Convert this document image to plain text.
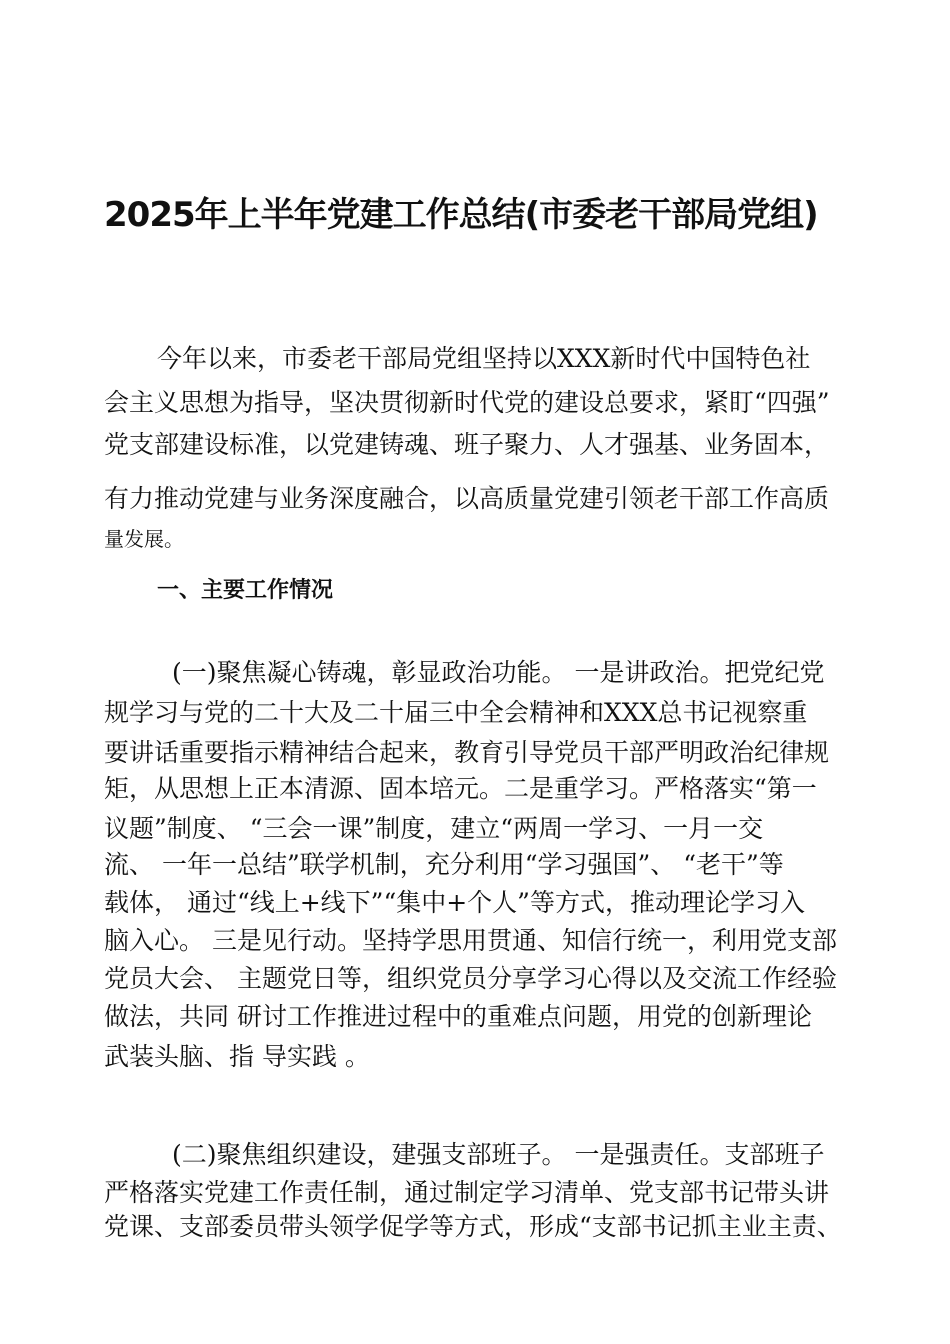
2025年上半年党建工作总结(市委老干部局党组)
今年以来，市委老干部局党组坚持以XXX新时代中国特色社
会主义思想为指导，坚决贯彻新时代党的建设总要求，紧盯“四强”
党支部建设标准，以党建铸魂、班子聚力、人才强基、业务固本，
有力推动党建与业务深度融合，以高质量党建引领老干部工作高质
量发展。
一、主要工作情况
(一)聚焦凝心铸魂，彰显政治功能。 一是讲政治。把党纪党
规学习与党的二十大及二十届三中全会精神和XXX总书记视察重
要讲话重要指示精神结合起来，教育引导党员干部严明政治纪律规
矩，从思想上正本清源、固本培元。二是重学习。严格落实“第一
议题”制度、 “三会一课”制度，建立“两周一学习、一月一交
流、 一年一总结”联学机制，充分利用“学习强国”、 “老干”等
载体， 通过“线上+线下”“集中+个人”等方式，推动理论学习入
脑入心。 三是见行动。坚持学思用贯通、知信行统一，利用党支部
党员大会、 主题党日等，组织党员分享学习心得以及交流工作经验
做法，共同 研讨工作推进过程中的重难点问题，用党的创新理论
武装头脑、指 导实践 。
(二)聚焦组织建设，建强支部班子。 一是强责任。支部班子
严格落实党建工作责任制，通过制定学习清单、党支部书记带头讲
党课、支部委员带头领学促学等方式，形成“支部书记抓主业主责、
